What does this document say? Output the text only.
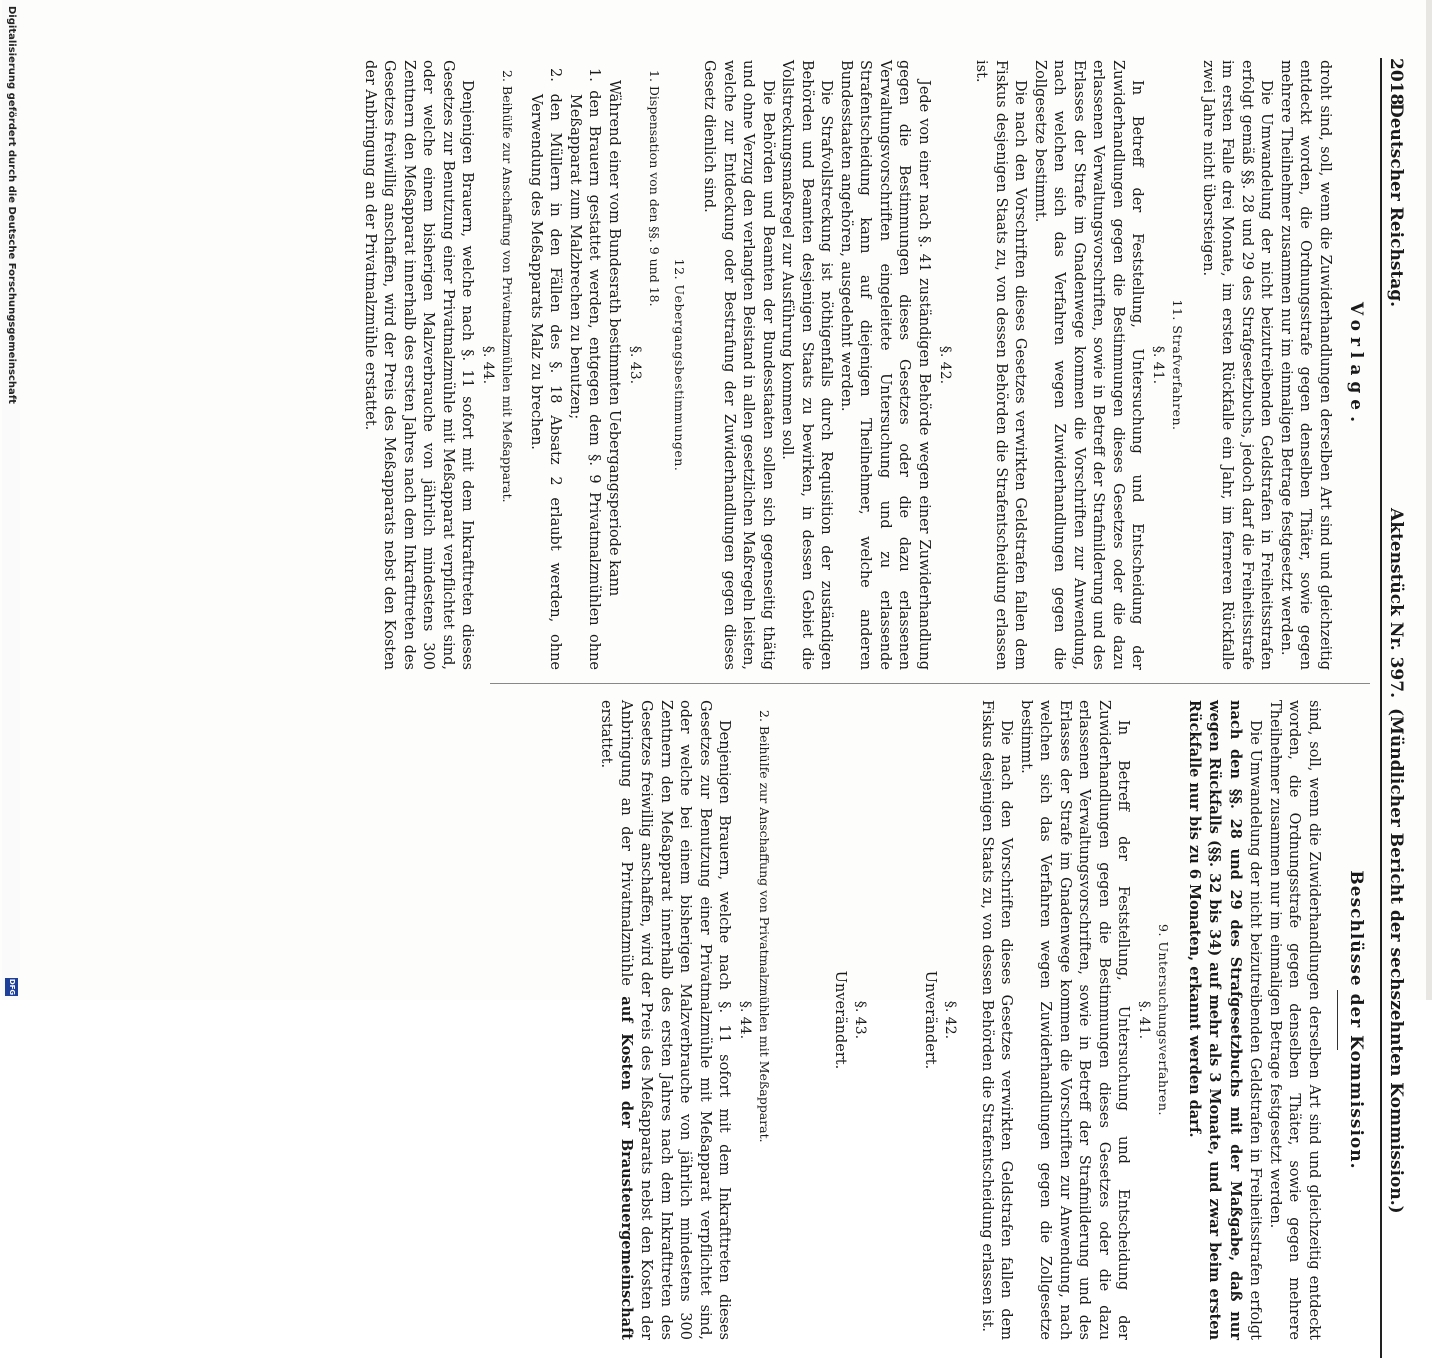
2018
Deutscher Reichstag.
Aktenstück Nr. 397.
(Mündlicher Bericht der sechszehnten Kommission.)
Vorlage.

droht sind, soll, wenn die Zuwiderhandlungen derselben Art sind und gleichzeitig entdeckt worden, die Ordnungsstrafe gegen denselben Thäter, sowie gegen mehrere Theilnehmer zusammen nur im einmaligen Betrage festgesetzt werden.

Die Umwandelung der nicht beizutreibenden Geldstrafen in Freiheitsstrafen erfolgt gemäß §§. 28 und 29 des Strafgesetzbuchs, jedoch darf die Freiheitsstrafe im ersten Falle drei Monate, im ersten Rückfalle ein Jahr, im ferneren Rückfalle zwei Jahre nicht übersteigen.

11. Strafverfahren.
§. 41.

In Betreff der Feststellung, Untersuchung und Entscheidung der Zuwiderhandlungen gegen die Bestimmungen dieses Gesetzes oder die dazu erlassenen Verwaltungsvorschriften, sowie in Betreff der Strafmilderung und des Erlasses der Strafe im Gnadenwege kommen die Vorschriften zur Anwendung, nach welchen sich das Verfahren wegen Zuwiderhandlungen gegen die Zollgesetze bestimmt.

Die nach den Vorschriften dieses Gesetzes verwirkten Geldstrafen fallen dem Fiskus desjenigen Staats zu, von dessen Behörden die Strafentscheidung erlassen ist.

§. 42.

Jede von einer nach §. 41 zuständigen Behörde wegen einer Zuwiderhandlung gegen die Bestimmungen dieses Gesetzes oder die dazu erlassenen Verwaltungsvorschriften eingeleitete Untersuchung und zu erlassende Strafentscheidung kann auf diejenigen Theilnehmer, welche anderen Bundesstaaten angehören, ausgedehnt werden.

Die Strafvollstreckung ist nöthigenfalls durch Requisition der zuständigen Behörden und Beamten desjenigen Staats zu bewirken, in dessen Gebiet die Vollstreckungsmaßregel zur Ausführung kommen soll.

Die Behörden und Beamten der Bundesstaaten sollen sich gegenseitig thätig und ohne Verzug den verlangten Beistand in allen gesetzlichen Maßregeln leisten, welche zur Entdeckung oder Bestrafung der Zuwiderhandlungen gegen dieses Gesetz dienlich sind.

12. Uebergangsbestimmungen.
1. Dispensation von den §§. 9 und 18.
§. 43.

Während einer vom Bundesrath bestimmten Uebergangsperiode kann

1. den Brauern gestattet werden, entgegen dem §. 9 Privatmalzmühlen ohne Meßapparat zum Malzbrechen zu benutzen;

2. den Müllern in den Fällen des §. 18 Absatz 2 erlaubt werden, ohne Verwendung des Meßapparats Malz zu brechen.

2. Beihülfe zur Anschaffung von Privatmalzmühlen mit Meßapparat.
§. 44.

Denjenigen Brauern, welche nach §. 11 sofort mit dem Inkrafttreten dieses Gesetzes zur Benutzung einer Privatmalzmühle mit Meßapparat verpflichtet sind, oder welche einem bisherigen Malzverbrauche von jährlich mindestens 300 Zentnern den Meßapparat innerhalb des ersten Jahres nach dem Inkrafttreten des Gesetzes freiwillig anschaffen, wird der Preis des Meßapparats nebst den Kosten der Anbringung an der Privatmalzmühle erstattet.

Beschlüsse der Kommission.

sind, soll, wenn die Zuwiderhandlungen derselben Art sind und gleichzeitig entdeckt worden, die Ordnungsstrafe gegen denselben Thäter, sowie gegen mehrere Theilnehmer zusammen nur im einmaligen Betrage festgesetzt werden.

Die Umwandelung der nicht beizutreibenden Geldstrafen in Freiheitsstrafen erfolgt nach den §§. 28 und 29 des Strafgesetzbuchs mit der Maßgabe, daß nur wegen Rückfalls (§§. 32 bis 34) auf mehr als 3 Monate, und zwar beim ersten Rückfalle nur bis zu 6 Monaten, erkannt werden darf.

9. Untersuchungsverfahren.
§. 41.

In Betreff der Feststellung, Untersuchung und Entscheidung der Zuwiderhandlungen gegen die Bestimmungen dieses Gesetzes oder die dazu erlassenen Verwaltungsvorschriften, sowie in Betreff der Strafmilderung und des Erlasses der Strafe im Gnadenwege kommen die Vorschriften zur Anwendung, nach welchen sich das Verfahren wegen Zuwiderhandlungen gegen die Zollgesetze bestimmt.

Die nach den Vorschriften dieses Gesetzes verwirkten Geldstrafen fallen dem Fiskus desjenigen Staats zu, von dessen Behörden die Strafentscheidung erlassen ist.

§. 42.
Unverändert.
§. 43.
Unverändert.
2. Beihülfe zur Anschaffung von Privatmalzmühlen mit Meßapparat.
§. 44.

Denjenigen Brauern, welche nach §. 11 sofort mit dem Inkrafttreten dieses Gesetzes zur Benutzung einer Privatmalzmühle mit Meßapparat verpflichtet sind, oder welche bei einem bisherigen Malzverbrauche von jährlich mindestens 300 Zentnern den Meßapparat innerhalb des ersten Jahres nach dem Inkrafttreten des Gesetzes freiwillig anschaffen, wird der Preis des Meßapparats nebst den Kosten der Anbringung an der Privatmalzmühle auf Kosten der Brausteuergemeinschaft erstattet.

Digitalisierung gefördert durch die Deutsche Forschungsgemeinschaft
DFG
